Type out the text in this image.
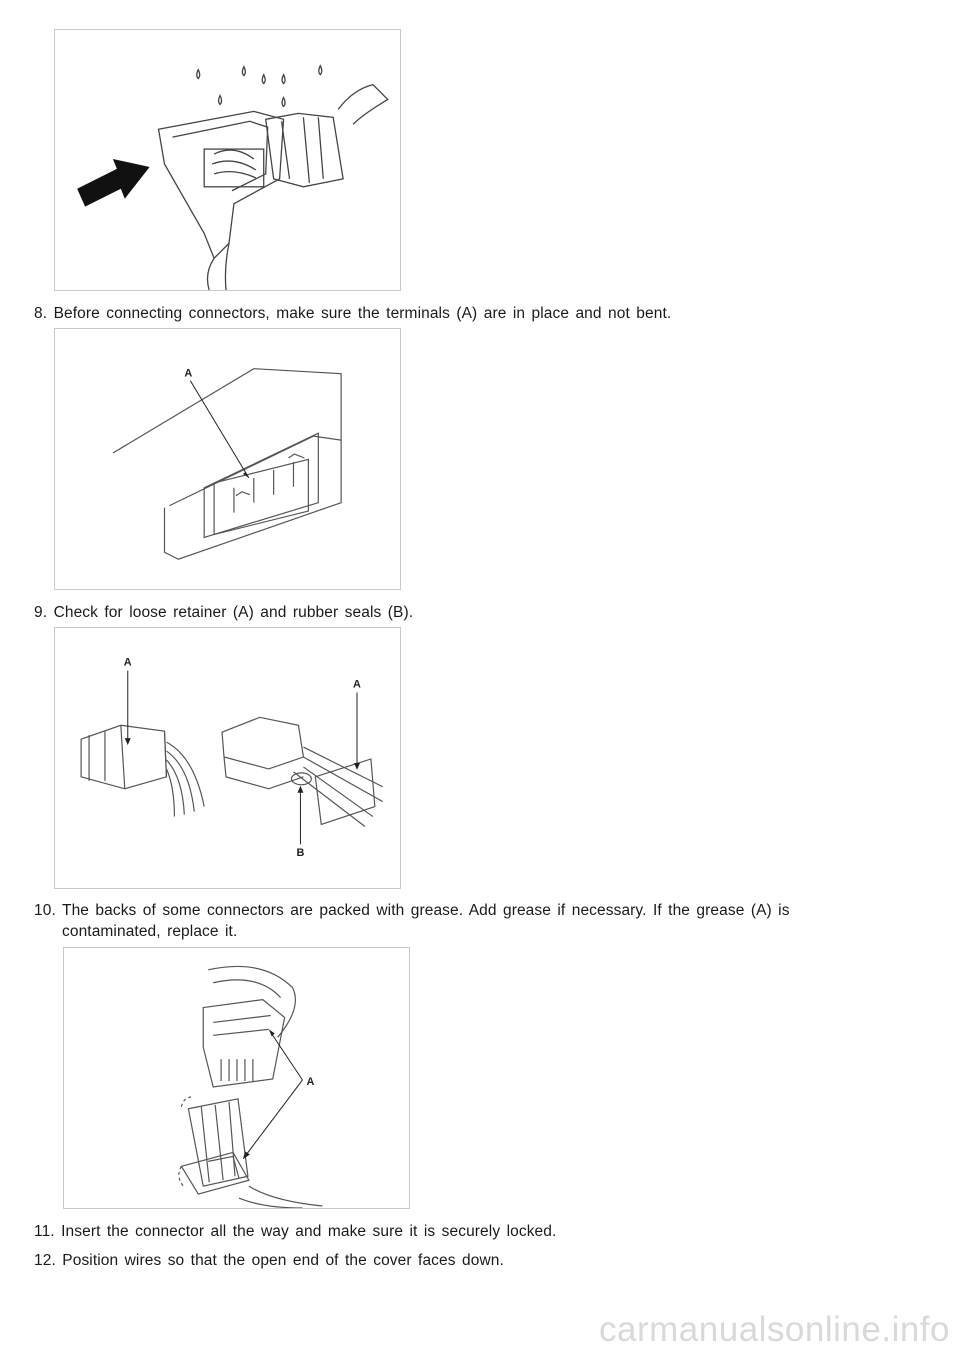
8. Before connecting connectors, make sure the terminals (A) are in place and not bent.
A
9. Check for loose retainer (A) and rubber seals (B).
A
A
B
10. The backs of some connectors are packed with grease. Add grease if necessary. If the grease (A) is
contaminated, replace it.
A
11. Insert the connector all the way and make sure it is securely locked.
12. Position wires so that the open end of the cover faces down.
carmanualsonline.info
